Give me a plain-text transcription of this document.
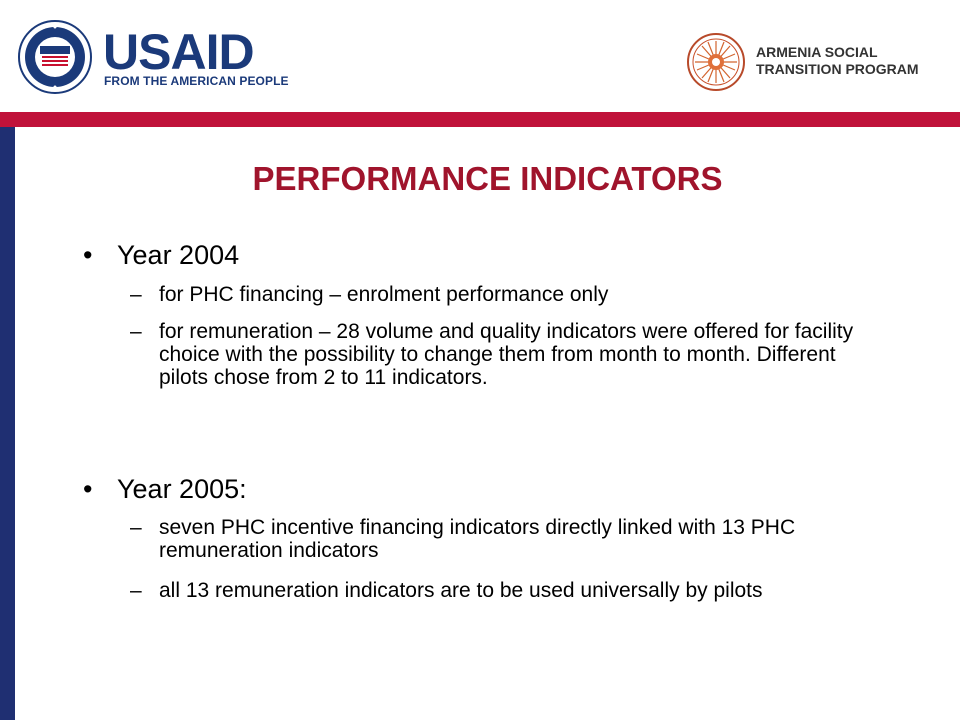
USAID
FROM THE AMERICAN PEOPLE
ARMENIA SOCIAL
TRANSITION PROGRAM
PERFORMANCE INDICATORS
• Year 2004
– for PHC financing – enrolment performance only
– for remuneration – 28 volume and quality indicators were offered for facility choice with the possibility to change them from month to month. Different pilots chose from 2 to 11 indicators.
• Year 2005:
– seven PHC incentive financing indicators directly linked with 13 PHC remuneration indicators
– all 13 remuneration indicators are to be used universally by pilots
